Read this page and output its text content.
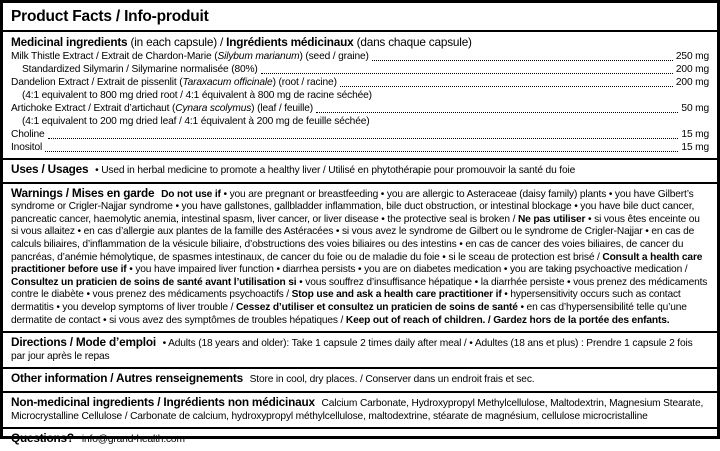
Product Facts / Info-produit
Medicinal ingredients (in each capsule) / Ingrédients médicinaux (dans chaque capsule)
Milk Thistle Extract / Extrait de Chardon-Marie (Silybum marianum) (seed / graine)	250 mg
Standardized Silymarin / Silymarine normalisée (80%)	200 mg
Dandelion Extract / Extrait de pissenlit (Taraxacum officinale) (root / racine)	200 mg
(4:1 equivalent to 800 mg dried root / 4:1 équivalent à 800 mg de racine séchée)
Artichoke Extract / Extrait d’artichaut (Cynara scolymus) (leaf / feuille)	50 mg
(4:1 equivalent to 200 mg dried leaf / 4:1 équivalent à 200 mg de feuille séchée)
Choline	15 mg
Inositol	15 mg

Uses / Usages • Used in herbal medicine to promote a healthy liver / Utilisé en phytothérapie pour promouvoir la santé du foie

Warnings / Mises en garde Do not use if • you are pregnant or breastfeeding • you are allergic to Asteraceae (daisy family) plants • you have Gilbert’s syndrome or Crigler-Najjar syndrome • you have gallstones, gallbladder inflammation, bile duct obstruction, or intestinal blockage • you have bile duct cancer, pancreatic cancer, haemolytic anemia, intestinal spasm, liver cancer, or liver disease • the protective seal is broken / Ne pas utiliser • si vous êtes enceinte ou si vous allaitez • en cas d’allergie aux plantes de la famille des Astéracées • si vous avez le syndrome de Gilbert ou le syndrome de Crigler-Najjar • en cas de calculs biliaires, d’inflammation de la vésicule biliaire, d’obstructions des voies biliaires ou des intestins • en cas de cancer des voies biliaires, de cancer du pancréas, d’anémie hémolytique, de spasmes intestinaux, de cancer du foie ou de maladie du foie • si le sceau de protection est brisé / Consult a health care practitioner before use if • you have impaired liver function • diarrhea persists • you are on diabetes medication • you are taking psychoactive medication / Consultez un praticien de soins de santé avant l’utilisation si • vous souffrez d’insuffisance hépatique • la diarrhée persiste • vous prenez des médicaments contre le diabète • vous prenez des médicaments psychoactifs / Stop use and ask a health care practitioner if • hypersensitivity occurs such as contact dermatitis • you develop symptoms of liver trouble / Cessez d’utiliser et consultez un praticien de soins de santé • en cas d’hypersensibilité telle qu’une dermatite de contact • si vous avez des symptômes de troubles hépatiques / Keep out of reach of children. / Gardez hors de la portée des enfants.

Directions / Mode d’emploi • Adults (18 years and older): Take 1 capsule 2 times daily after meal / • Adultes (18 ans et plus) : Prendre 1 capsule 2 fois par jour après le repas

Other information / Autres renseignements Store in cool, dry places. / Conserver dans un endroit frais et sec.

Non-medicinal ingredients / Ingrédients non médicinaux Calcium Carbonate, Hydroxypropyl Methylcellulose, Maltodextrin, Magnesium Stearate, Microcrystalline Cellulose / Carbonate de calcium, hydroxypropyl méthylcellulose, maltodextrine, stéarate de magnésium, cellulose microcristalline

Questions? info@grand-health.com
